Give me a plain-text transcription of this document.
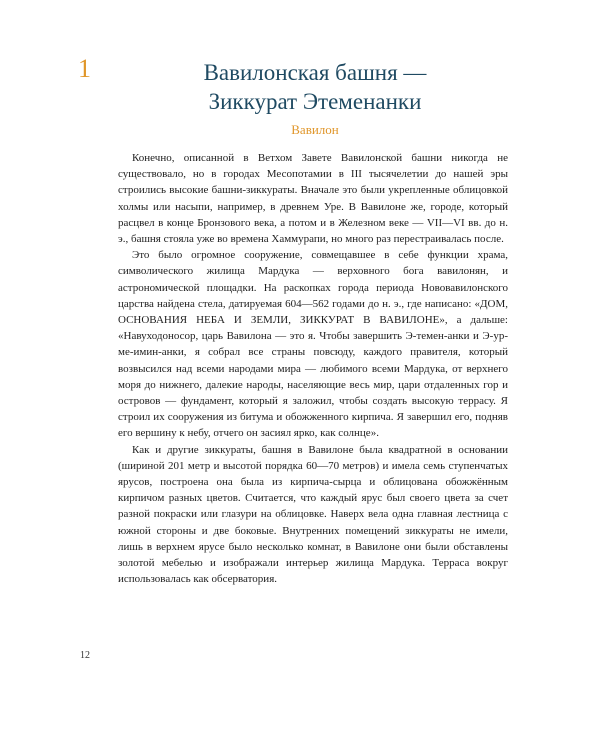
1	Вавилонская башня —
Зиккурат Этеменанки
Вавилон

Конечно, описанной в Ветхом Завете Вавилонской башни никогда не существовало, но в городах Месопотамии в III тысячелетии до нашей эры строились высокие башни-зиккураты. Вначале это были укрепленные облицовкой холмы или насыпи, например, в древнем Уре. В Вавилоне же, городе, который расцвел в конце Бронзового века, а потом и в Железном веке — VII—VI вв. до н. э., башня стояла уже во времена Хаммурапи, но много раз перестраивалась после.

Это было огромное сооружение, совмещавшее в себе функции храма, символического жилища Мардука — верховного бога вавилонян, и астрономической площадки. На раскопках города периода Нововавилонского царства найдена стела, датируемая 604—562 годами до н. э., где написано: «ДОМ, ОСНОВАНИЯ НЕБА И ЗЕМЛИ, ЗИККУРАТ В ВАВИЛОНЕ», а дальше: «Навуходоносор, царь Вавилона — это я. Чтобы завершить Э-темен-анки и Э-ур-ме-имин-анки, я собрал все страны повсюду, каждого правителя, который возвысился над всеми народами мира — любимого всеми Мардука, от верхнего моря до нижнего, далекие народы, населяющие весь мир, цари отдаленных гор и островов — фундамент, который я заложил, чтобы создать высокую террасу. Я строил их сооружения из битума и обожженного кирпича. Я завершил его, подняв его вершину к небу, отчего он засиял ярко, как солнце».

Как и другие зиккураты, башня в Вавилоне была квадратной в основании (шириной 201 метр и высотой порядка 60—70 метров) и имела семь ступенчатых ярусов, построена она была из кирпича-сырца и облицована обожжённым кирпичом разных цветов. Считается, что каждый ярус был своего цвета за счет разной покраски или глазури на облицовке. Наверх вела одна главная лестница с южной стороны и две боковые. Внутренних помещений зиккураты не имели, лишь в верхнем ярусе было несколько комнат, в Вавилоне они были обставлены золотой мебелью и изображали интерьер жилища Мардука. Терраса вокруг использовалась как обсерватория.

12
